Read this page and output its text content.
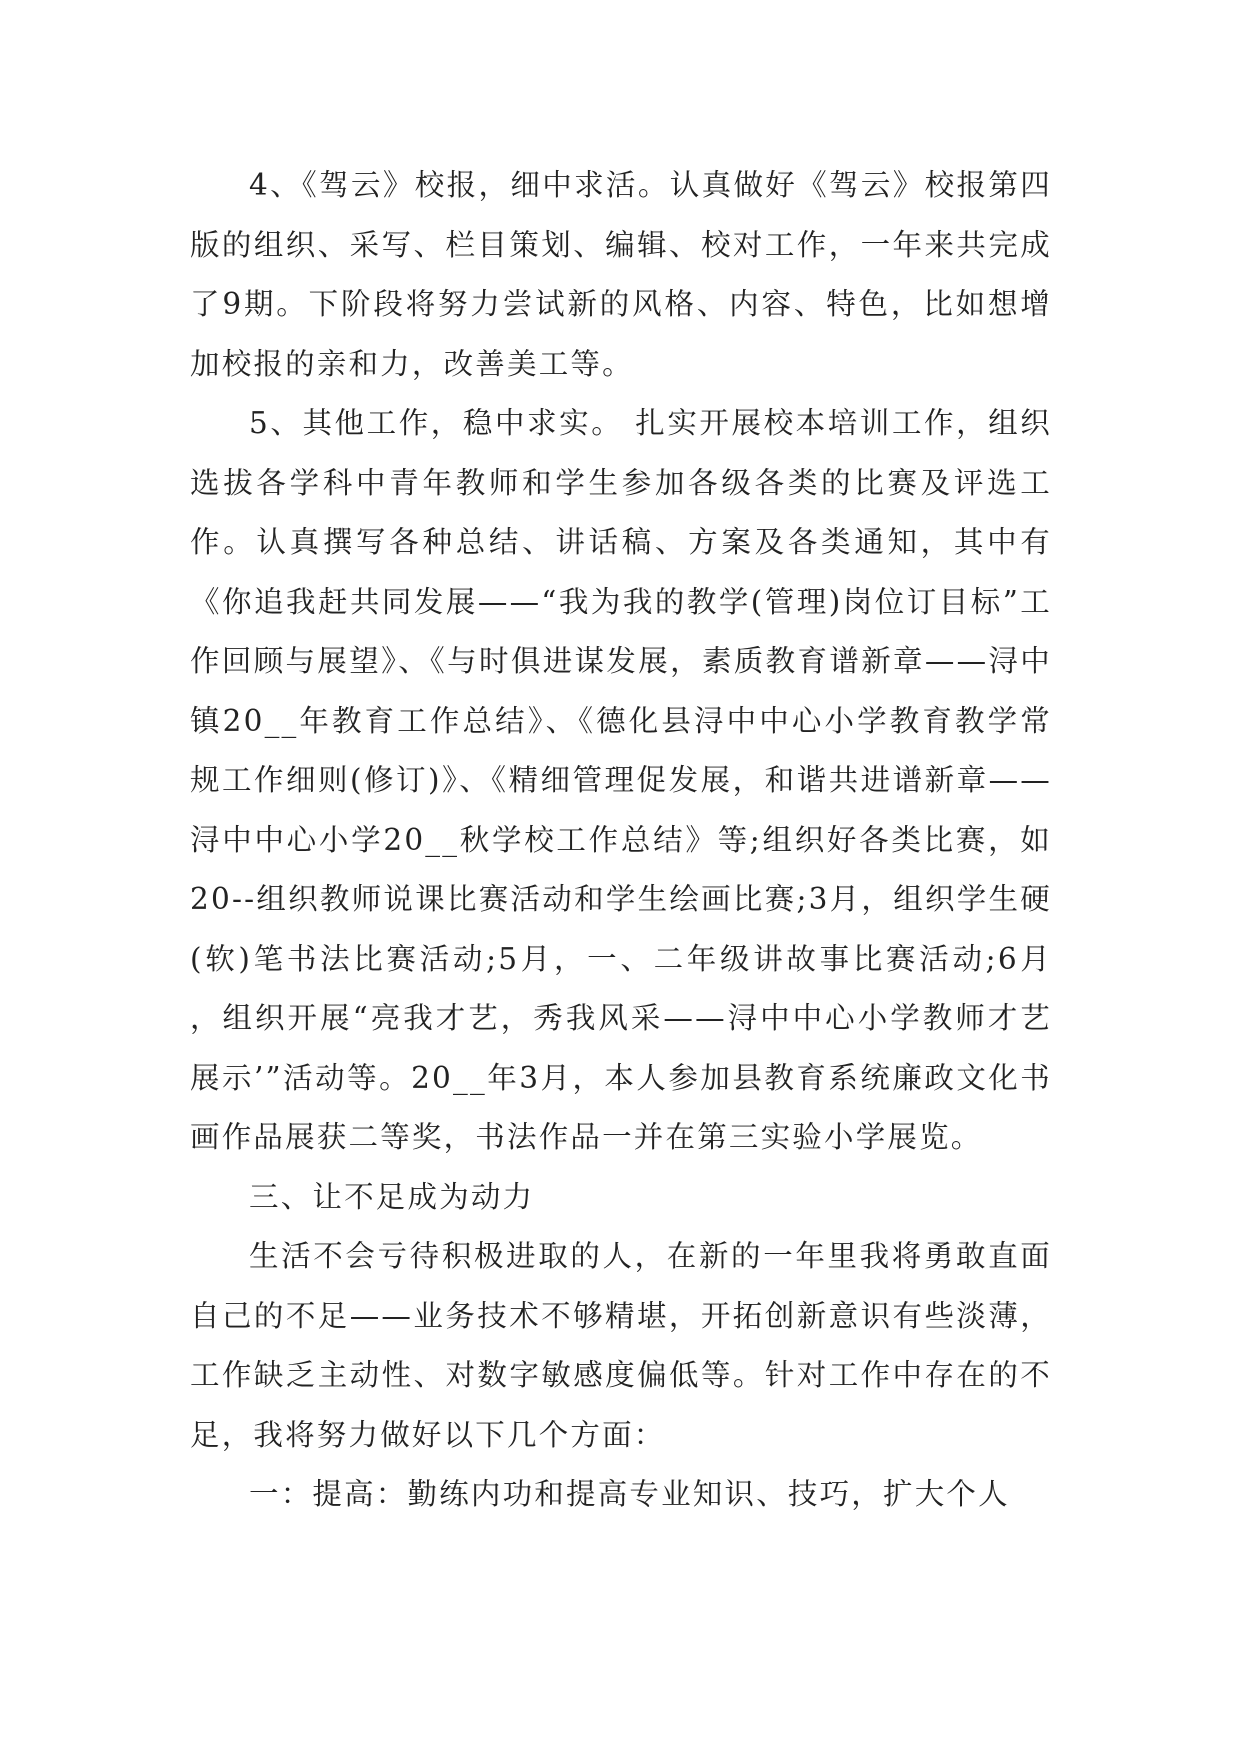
4、《驾云》校报，细中求活。认真做好《驾云》校报第四版的组织、采写、栏目策划、编辑、校对工作，一年来共完成了9期。下阶段将努力尝试新的风格、内容、特色，比如想增加校报的亲和力，改善美工等。

5、其他工作，稳中求实。 扎实开展校本培训工作，组织选拔各学科中青年教师和学生参加各级各类的比赛及评选工作。认真撰写各种总结、讲话稿、方案及各类通知，其中有《你追我赶共同发展——“我为我的教学(管理)岗位订目标”工作回顾与展望》、《与时俱进谋发展，素质教育谱新章——浔中镇20__年教育工作总结》、《德化县浔中中心小学教育教学常规工作细则(修订)》、《精细管理促发展，和谐共进谱新章——浔中中心小学20__秋学校工作总结》等;组织好各类比赛，如20--组织教师说课比赛活动和学生绘画比赛;3月，组织学生硬(软)笔书法比赛活动;5月，一、二年级讲故事比赛活动;6月 ，组织开展“亮我才艺，秀我风采——浔中中心小学教师才艺展示’”活动等。20__年3月，本人参加县教育系统廉政文化书画作品展获二等奖，书法作品一并在第三实验小学展览。

三、让不足成为动力

生活不会亏待积极进取的人，在新的一年里我将勇敢直面自己的不足——业务技术不够精堪，开拓创新意识有些淡薄，工作缺乏主动性、对数字敏感度偏低等。针对工作中存在的不足，我将努力做好以下几个方面：

一：提高：勤练内功和提高专业知识、技巧，扩大个人
